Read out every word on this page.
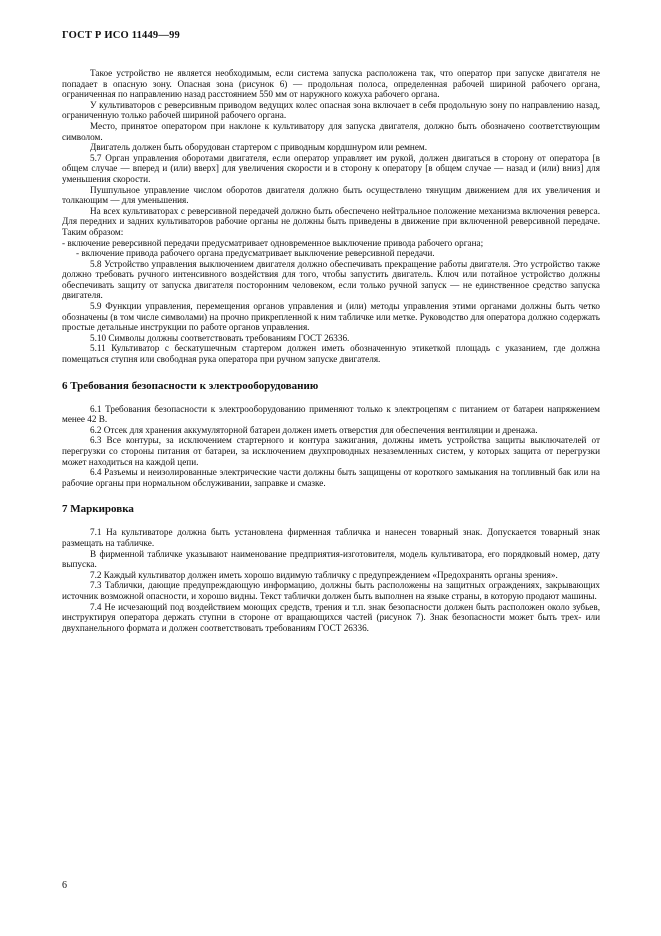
ГОСТ Р ИСО 11449—99

Такое устройство не является необходимым, если система запуска расположена так, что оператор при запуске двигателя не попадает в опасную зону. Опасная зона (рисунок 6) — продольная полоса, определенная рабочей шириной рабочего органа, ограниченная по направлению назад расстоянием 550 мм от наружного кожуха рабочего органа.

У культиваторов с реверсивным приводом ведущих колес опасная зона включает в себя продольную зону по направлению назад, ограниченную только рабочей шириной рабочего органа.

Место, принятое оператором при наклоне к культиватору для запуска двигателя, должно быть обозначено соответствующим символом.

Двигатель должен быть оборудован стартером с приводным кордшнуром или ремнем.

5.7 Орган управления оборотами двигателя, если оператор управляет им рукой, должен двигаться в сторону от оператора [в общем случае — вперед и (или) вверх] для увеличения скорости и в сторону к оператору [в общем случае — назад и (или) вниз] для уменьшения скорости.

Пушпульное управление числом оборотов двигателя должно быть осуществлено тянущим движением для их увеличения и толкающим — для уменьшения.

На всех культиваторах с реверсивной передачей должно быть обеспечено нейтральное положение механизма включения реверса. Для передних и задних культиваторов рабочие органы не должны быть приведены в движение при включенной реверсивной передаче. Таким образом:

- включение реверсивной передачи предусматривает одновременное выключение привода рабочего органа;

- включение привода рабочего органа предусматривает выключение реверсивной передачи.

5.8 Устройство управления выключением двигателя должно обеспечивать прекращение работы двигателя. Это устройство также должно требовать ручного интенсивного воздействия для того, чтобы запустить двигатель. Ключ или потайное устройство должны обеспечивать защиту от запуска двигателя посторонним человеком, если только ручной запуск — не единственное средство запуска двигателя.

5.9 Функции управления, перемещения органов управления и (или) методы управления этими органами должны быть четко обозначены (в том числе символами) на прочно прикрепленной к ним табличке или метке. Руководство для оператора должно содержать простые детальные инструкции по работе органов управления.

5.10 Символы должны соответствовать требованиям ГОСТ 26336.

5.11 Культиватор с бескатушечным стартером должен иметь обозначенную этикеткой площадь с указанием, где должна помещаться ступня или свободная рука оператора при ручном запуске двигателя.

6 Требования безопасности к электрооборудованию

6.1 Требования безопасности к электрооборудованию применяют только к электроцепям с питанием от батареи напряжением менее 42 В.

6.2 Отсек для хранения аккумуляторной батареи должен иметь отверстия для обеспечения вентиляции и дренажа.

6.3 Все контуры, за исключением стартерного и контура зажигания, должны иметь устройства защиты выключателей от перегрузки со стороны питания от батареи, за исключением двухпроводных незаземленных систем, у которых защита от перегрузки может находиться на каждой цепи.

6.4 Разъемы и неизолированные электрические части должны быть защищены от короткого замыкания на топливный бак или на рабочие органы при нормальном обслуживании, заправке и смазке.

7 Маркировка

7.1 На культиваторе должна быть установлена фирменная табличка и нанесен товарный знак. Допускается товарный знак размещать на табличке.

В фирменной табличке указывают наименование предприятия-изготовителя, модель культиватора, его порядковый номер, дату выпуска.

7.2 Каждый культиватор должен иметь хорошо видимую табличку с предупреждением «Предохранять органы зрения».

7.3 Таблички, дающие предупреждающую информацию, должны быть расположены на защитных ограждениях, закрывающих источник возможной опасности, и хорошо видны. Текст таблички должен быть выполнен на языке страны, в которую продают машины.

7.4 Не исчезающий под воздействием моющих средств, трения и т.п. знак безопасности должен быть расположен около зубьев, инструктируя оператора держать ступни в стороне от вращающихся частей (рисунок 7). Знак безопасности может быть трех- или двухпанельного формата и должен соответствовать требованиям ГОСТ 26336.

6
